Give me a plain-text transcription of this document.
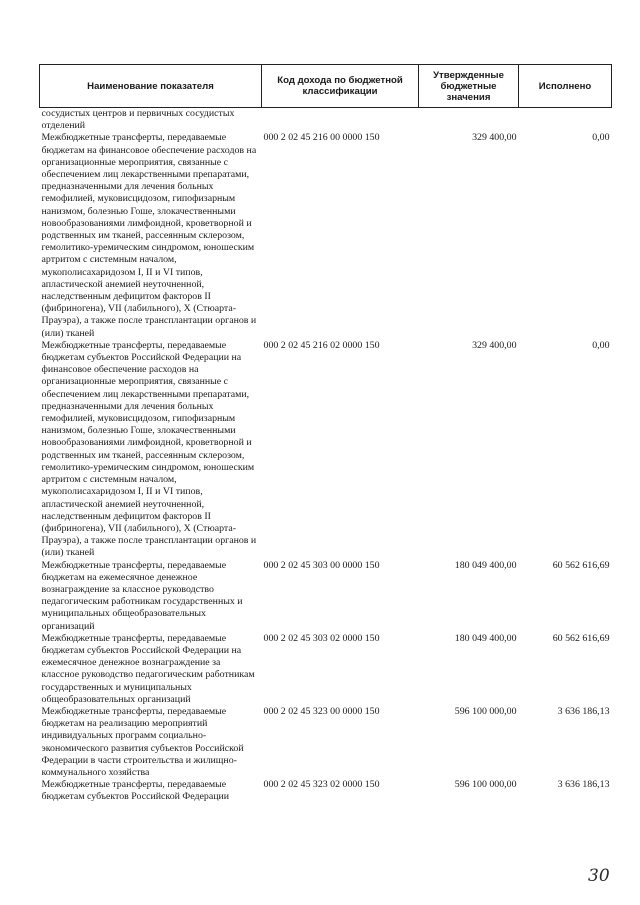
Наименование показателя	Код дохода по бюджетной классификации	Утвержденные бюджетные значения	Исполнено
сосудистых центров и первичных сосудистых отделений			
Межбюджетные трансферты, передаваемые бюджетам на финансовое обеспечение расходов на организационные мероприятия, связанные с обеспечением лиц лекарственными препаратами, предназначенными для лечения больных гемофилией, муковисцидозом, гипофизарным нанизмом, болезнью Гоше, злокачественными новообразованиями лимфоидной, кроветворной и родственных им тканей, рассеянным склерозом, гемолитико-уремическим синдромом, юношеским артритом с системным началом, мукополисахаридозом I, II и VI типов, апластической анемией неуточненной, наследственным дефицитом факторов II (фибриногена), VII (лабильного), X (Стюарта-Прауэра), а также после трансплантации органов и (или) тканей	000 2 02 45 216 00 0000 150	329 400,00	0,00
Межбюджетные трансферты, передаваемые бюджетам субъектов Российской Федерации на финансовое обеспечение расходов на организационные мероприятия, связанные с обеспечением лиц лекарственными препаратами, предназначенными для лечения больных гемофилией, муковисцидозом, гипофизарным нанизмом, болезнью Гоше, злокачественными новообразованиями лимфоидной, кроветворной и родственных им тканей, рассеянным склерозом, гемолитико-уремическим синдромом, юношеским артритом с системным началом, мукополисахаридозом I, II и VI типов, апластической анемией неуточненной, наследственным дефицитом факторов II (фибриногена), VII (лабильного), X (Стюарта-Прауэра), а также после трансплантации органов и (или) тканей	000 2 02 45 216 02 0000 150	329 400,00	0,00
Межбюджетные трансферты, передаваемые бюджетам на ежемесячное денежное вознаграждение за классное руководство педагогическим работникам государственных и муниципальных общеобразовательных организаций	000 2 02 45 303 00 0000 150	180 049 400,00	60 562 616,69
Межбюджетные трансферты, передаваемые бюджетам субъектов Российской Федерации на ежемесячное денежное вознаграждение за классное руководство педагогическим работникам государственных и муниципальных общеобразовательных организаций	000 2 02 45 303 02 0000 150	180 049 400,00	60 562 616,69
Межбюджетные трансферты, передаваемые бюджетам на реализацию мероприятий индивидуальных программ социально-экономического развития субъектов Российской Федерации в части строительства и жилищно-коммунального хозяйства	000 2 02 45 323 00 0000 150	596 100 000,00	3 636 186,13
Межбюджетные трансферты, передаваемые бюджетам субъектов Российской Федерации	000 2 02 45 323 02 0000 150	596 100 000,00	3 636 186,13
30
